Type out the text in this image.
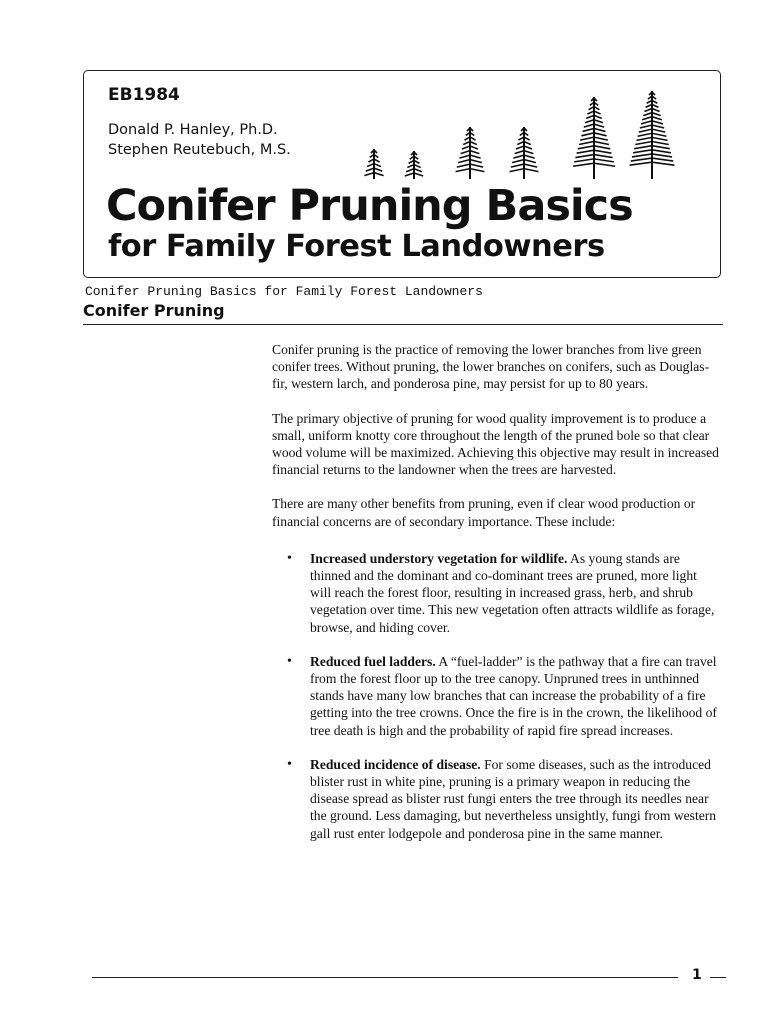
EB1984
Donald P. Hanley, Ph.D.
Stephen Reutebuch, M.S.
Conifer Pruning Basics
for Family Forest Landowners
Conifer Pruning Basics for Family Forest Landowners
Conifer Pruning

Conifer pruning is the practice of removing the lower branches from live green conifer trees. Without pruning, the lower branches on conifers, such as Douglas-fir, western larch, and ponderosa pine, may persist for up to 80 years.

The primary objective of pruning for wood quality improvement is to produce a small, uniform knotty core throughout the length of the pruned bole so that clear wood volume will be maximized. Achieving this objective may result in increased financial returns to the landowner when the trees are harvested.

There are many other benefits from pruning, even if clear wood production or financial concerns are of secondary importance. These include:

• Increased understory vegetation for wildlife. As young stands are thinned and the dominant and co-dominant trees are pruned, more light will reach the forest floor, resulting in increased grass, herb, and shrub vegetation over time. This new vegetation often attracts wildlife as forage, browse, and hiding cover.
• Reduced fuel ladders. A “fuel-ladder” is the pathway that a fire can travel from the forest floor up to the tree canopy. Unpruned trees in unthinned stands have many low branches that can increase the probability of a fire getting into the tree crowns. Once the fire is in the crown, the likelihood of tree death is high and the probability of rapid fire spread increases.
• Reduced incidence of disease. For some diseases, such as the introduced blister rust in white pine, pruning is a primary weapon in reducing the disease spread as blister rust fungi enters the tree through its needles near the ground. Less damaging, but nevertheless unsightly, fungi from western gall rust enter lodgepole and ponderosa pine in the same manner.
1
